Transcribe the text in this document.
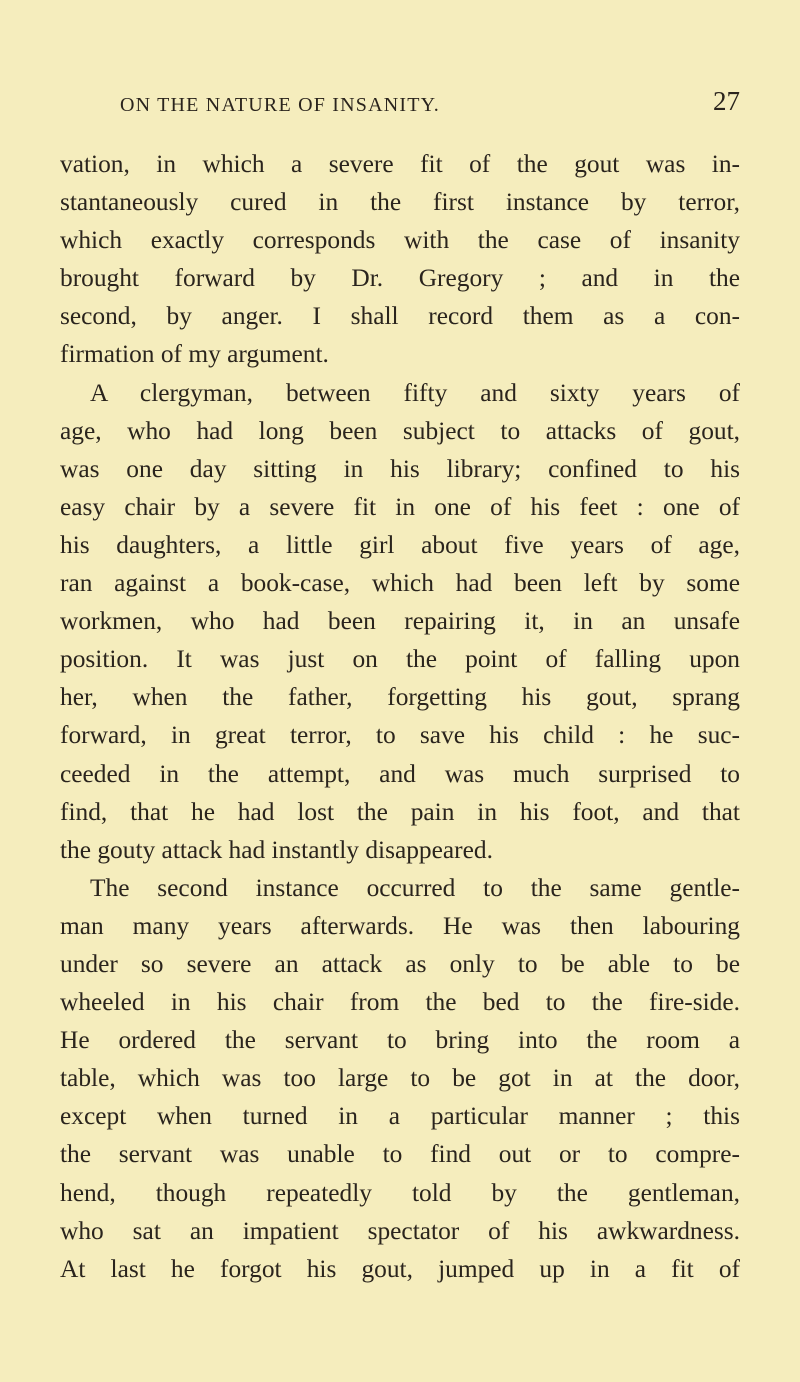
ON THE NATURE OF INSANITY.	27
vation, in which a severe fit of the gout was in-
stantaneously cured in the first instance by terror,
which exactly corresponds with the case of insanity
brought forward by Dr. Gregory ; and in the
second, by anger. I shall record them as a con-
firmation of my argument.
A clergyman, between fifty and sixty years of
age, who had long been subject to attacks of gout,
was one day sitting in his library; confined to his
easy chair by a severe fit in one of his feet : one of
his daughters, a little girl about five years of age,
ran against a book-case, which had been left by some
workmen, who had been repairing it, in an unsafe
position. It was just on the point of falling upon
her, when the father, forgetting his gout, sprang
forward, in great terror, to save his child : he suc-
ceeded in the attempt, and was much surprised to
find, that he had lost the pain in his foot, and that
the gouty attack had instantly disappeared.
The second instance occurred to the same gentle-
man many years afterwards. He was then labouring
under so severe an attack as only to be able to be
wheeled in his chair from the bed to the fire-side.
He ordered the servant to bring into the room a
table, which was too large to be got in at the door,
except when turned in a particular manner ; this
the servant was unable to find out or to compre-
hend, though repeatedly told by the gentleman,
who sat an impatient spectator of his awkwardness.
At last he forgot his gout, jumped up in a fit of
